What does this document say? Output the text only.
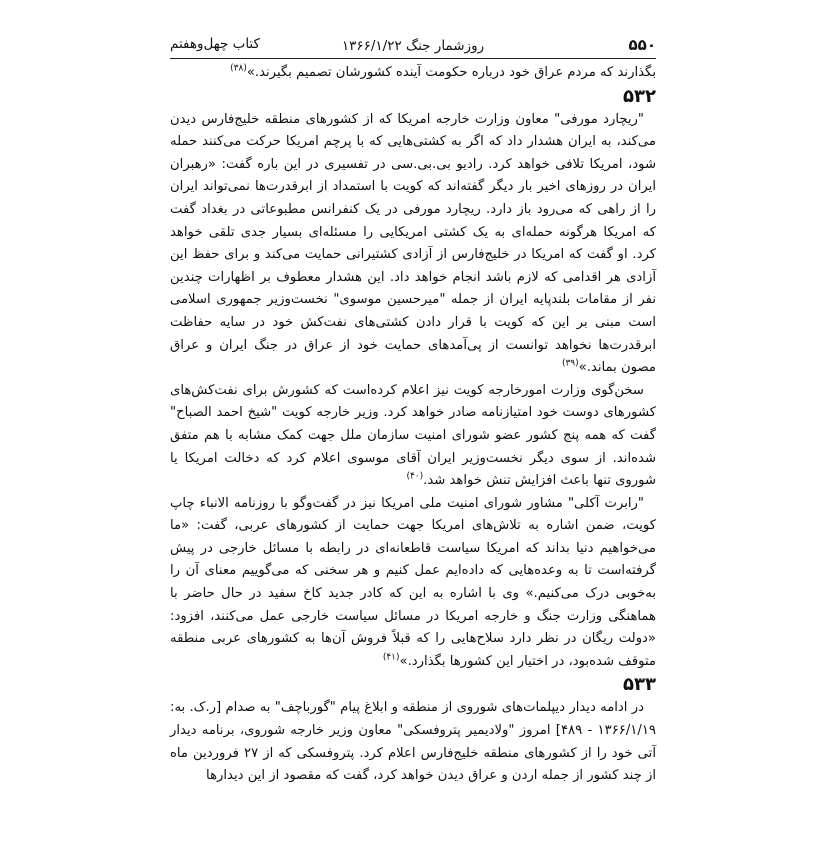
۵۵۰
روزشمار جنگ ۱۳۶۶/۱/۲۲
کتاب چهل‌وهفتم

بگذارند که مردم عراق خود درباره حکومت آینده کشورشان تصمیم بگیرند.»$^{(۳۸)}$

۵۳۲

"ریچارد مورفی" معاون وزارت خارجه امریکا که از کشورهای منطقه خلیج‌فارس دیدن می‌کند، به ایران هشدار داد که اگر به کشتی‌هایی که با پرچم امریکا حرکت می‌کنند حمله شود، امریکا تلافی خواهد کرد. رادیو بی.بی.سی در تفسیری در این باره گفت: «رهبران ایران در روزهای اخیر بار دیگر گفته‌اند که کویت با استمداد از ابرقدرت‌ها نمی‌تواند ایران را از راهی که می‌رود باز دارد. ریچارد مورفی در یک کنفرانس مطبوعاتی در بغداد گفت که امریکا هرگونه حمله‌ای به یک کشتی امریکایی را مسئله‌ای بسیار جدی تلقی خواهد کرد. او گفت که امریکا در خلیج‌فارس از آزادی کشتیرانی حمایت می‌کند و برای حفظ این آزادی هر اقدامی که لازم باشد انجام خواهد داد. این هشدار معطوف بر اظهارات چندین نفر از مقامات بلندپایه ایران از جمله "میرحسین موسوی" نخست‌وزیر جمهوری اسلامی است مبنی بر این که کویت با قرار دادن کشتی‌های نفت‌کش خود در سایه حفاظت ابرقدرت‌ها نخواهد توانست از پی‌آمدهای حمایت خود از عراق در جنگ ایران و عراق مصون بماند.»$^{(۳۹)}$

سخن‌گوی وزارت امورخارجه کویت نیز اعلام کرده‌است که کشورش برای نفت‌کش‌های کشورهای دوست خود امتیازنامه صادر خواهد کرد. وزیر خارجه کویت "شیخ احمد الصباح" گفت که همه پنج کشور عضو شورای امنیت سازمان ملل جهت کمک مشابه با هم متفق شده‌اند. از سوی دیگر نخست‌وزیر ایران آقای موسوی اعلام کرد که دخالت امریکا یا شوروی تنها باعث افزایش تنش خواهد شد.$^{(۴۰)}$

"رابرت آکلی" مشاور شورای امنیت ملی امریکا نیز در گفت‌وگو با روزنامه الانباء چاپ کویت، ضمن اشاره به تلاش‌های امریکا جهت حمایت از کشورهای عربی، گفت: «ما می‌خواهیم دنیا بداند که امریکا سیاست قاطعانه‌ای در رابطه با مسائل خارجی در پیش گرفته‌است تا به وعده‌هایی که داده‌ایم عمل کنیم و هر سخنی که می‌گوییم معنای آن را به‌خوبی درک می‌کنیم.» وی با اشاره به این که کادر جدید کاخ سفید در حال حاضر با هماهنگی وزارت جنگ و خارجه امریکا در مسائل سیاست خارجی عمل می‌کنند، افزود: «دولت ریگان در نظر دارد سلاح‌هایی را که قبلاً فروش آن‌ها به کشورهای عربی منطقه متوقف شده‌بود، در اختیار این کشورها بگذارد.»$^{(۴۱)}$

۵۳۳

در ادامه دیدار دیپلمات‌های شوروی از منطقه و ابلاغ پیام "گورباچف" به صدام [ر.ک. به: ۱۳۶۶/۱/۱۹ - ۴۸۹] امروز "ولادیمیر پتروفسکی" معاون وزیر خارجه شوروی، برنامه دیدار آتی خود را از کشورهای منطقه خلیج‌فارس اعلام کرد. پتروفسکی که از ۲۷ فروردین ماه از چند کشور از جمله اردن و عراق دیدن خواهد کرد، گفت که مقصود از این دیدارها
